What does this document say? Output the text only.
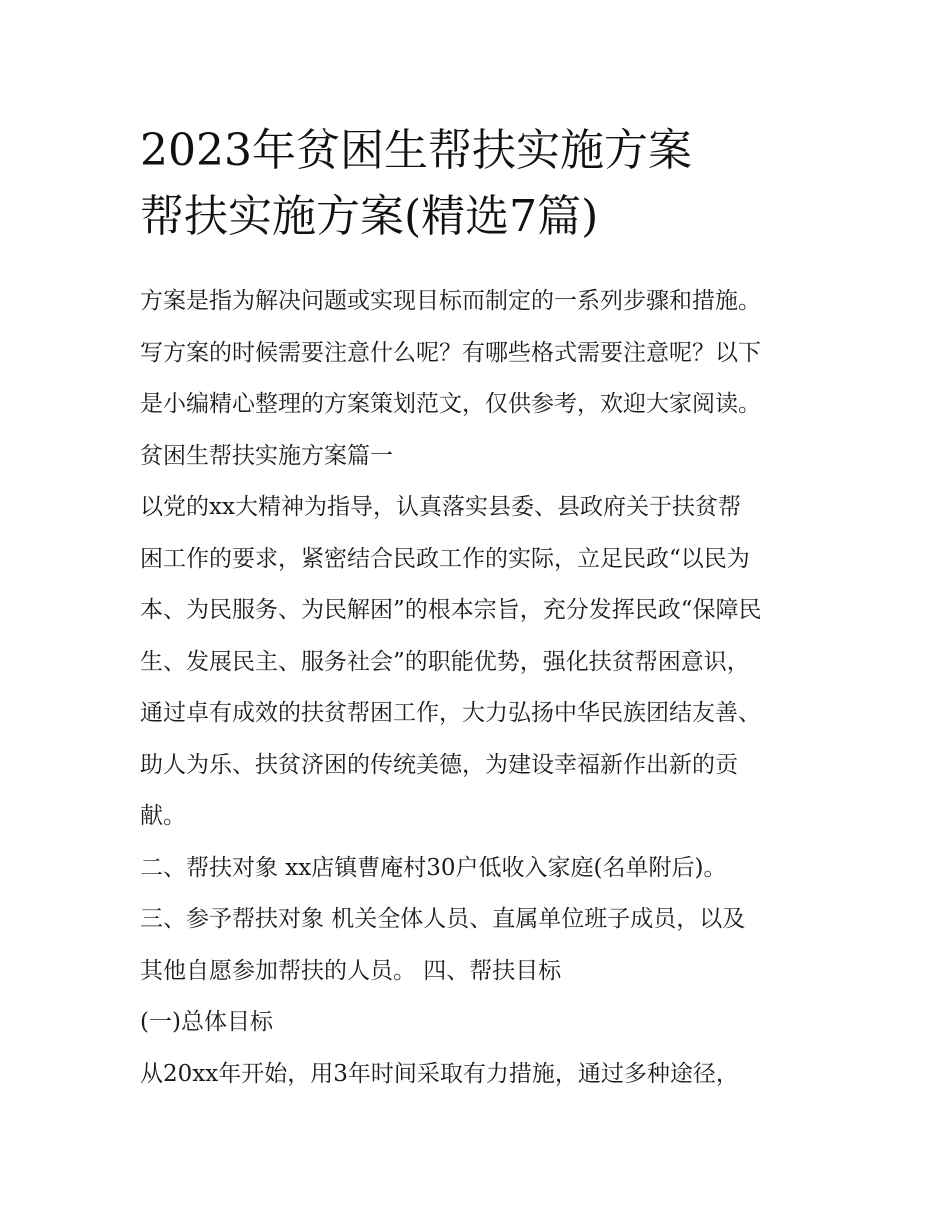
2023年贫困生帮扶实施方案
帮扶实施方案(精选7篇)
方案是指为解决问题或实现目标而制定的一系列步骤和措施。
写方案的时候需要注意什么呢？有哪些格式需要注意呢？以下
是小编精心整理的方案策划范文，仅供参考，欢迎大家阅读。
贫困生帮扶实施方案篇一
以党的xx大精神为指导，认真落实县委、县政府关于扶贫帮
困工作的要求，紧密结合民政工作的实际，立足民政“以民为
本、为民服务、为民解困”的根本宗旨，充分发挥民政“保障民
生、发展民主、服务社会”的职能优势，强化扶贫帮困意识，
通过卓有成效的扶贫帮困工作，大力弘扬中华民族团结友善、
助人为乐、扶贫济困的传统美德，为建设幸福新作出新的贡
献。
二、帮扶对象 xx店镇曹庵村30户低收入家庭(名单附后)。
三、参予帮扶对象 机关全体人员、直属单位班子成员，以及
其他自愿参加帮扶的人员。 四、帮扶目标
(一)总体目标
从20xx年开始，用3年时间采取有力措施，通过多种途径，
